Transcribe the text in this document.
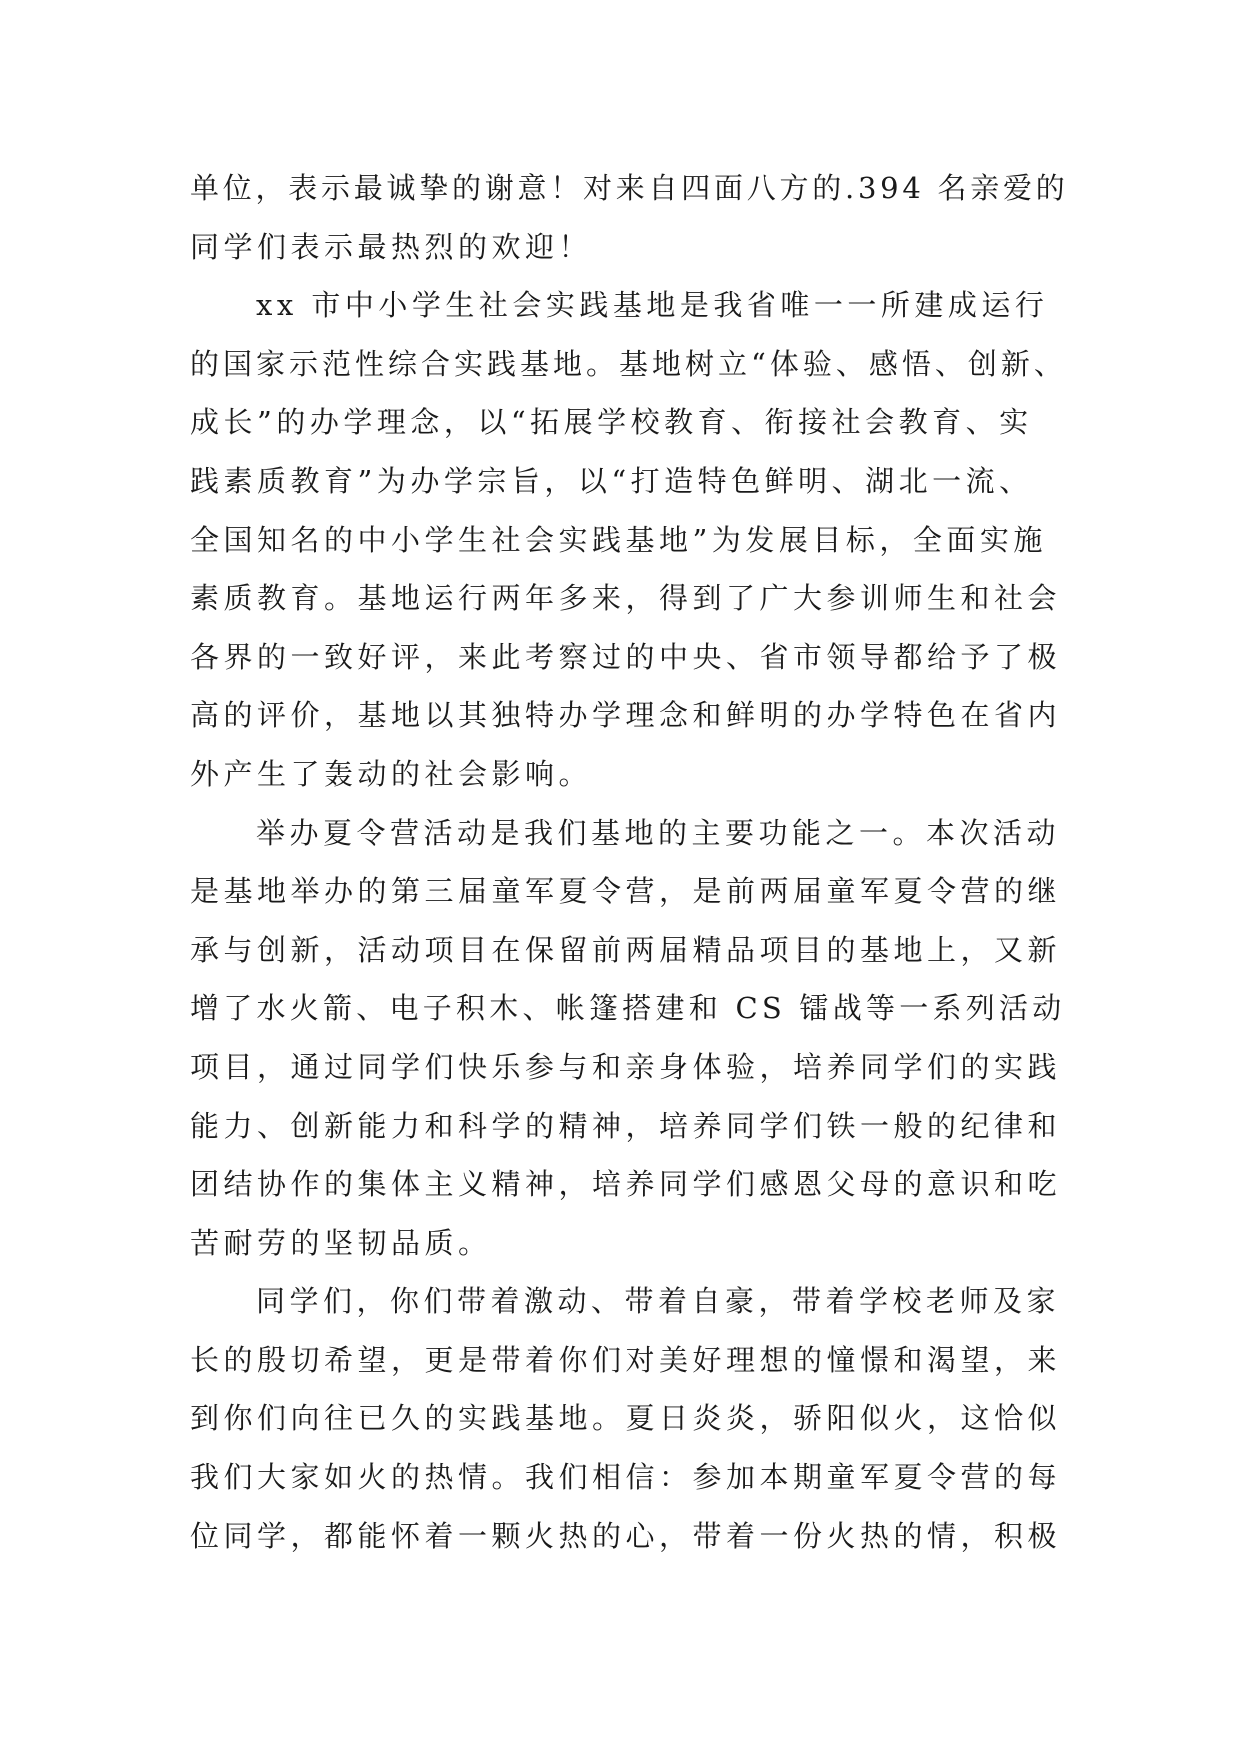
单位，表示最诚挚的谢意！对来自四面八方的.394 名亲爱的
同学们表示最热烈的欢迎！
xx 市中小学生社会实践基地是我省唯一一所建成运行
的国家示范性综合实践基地。基地树立“体验、感悟、创新、
成长”的办学理念，以“拓展学校教育、衔接社会教育、实
践素质教育”为办学宗旨，以“打造特色鲜明、湖北一流、
全国知名的中小学生社会实践基地”为发展目标，全面实施
素质教育。基地运行两年多来，得到了广大参训师生和社会
各界的一致好评，来此考察过的中央、省市领导都给予了极
高的评价，基地以其独特办学理念和鲜明的办学特色在省内
外产生了轰动的社会影响。
举办夏令营活动是我们基地的主要功能之一。本次活动
是基地举办的第三届童军夏令营，是前两届童军夏令营的继
承与创新，活动项目在保留前两届精品项目的基地上，又新
增了水火箭、电子积木、帐篷搭建和 CS 镭战等一系列活动
项目，通过同学们快乐参与和亲身体验，培养同学们的实践
能力、创新能力和科学的精神，培养同学们铁一般的纪律和
团结协作的集体主义精神，培养同学们感恩父母的意识和吃
苦耐劳的坚韧品质。
同学们，你们带着激动、带着自豪，带着学校老师及家
长的殷切希望，更是带着你们对美好理想的憧憬和渴望，来
到你们向往已久的实践基地。夏日炎炎，骄阳似火，这恰似
我们大家如火的热情。我们相信：参加本期童军夏令营的每
位同学，都能怀着一颗火热的心，带着一份火热的情，积极
